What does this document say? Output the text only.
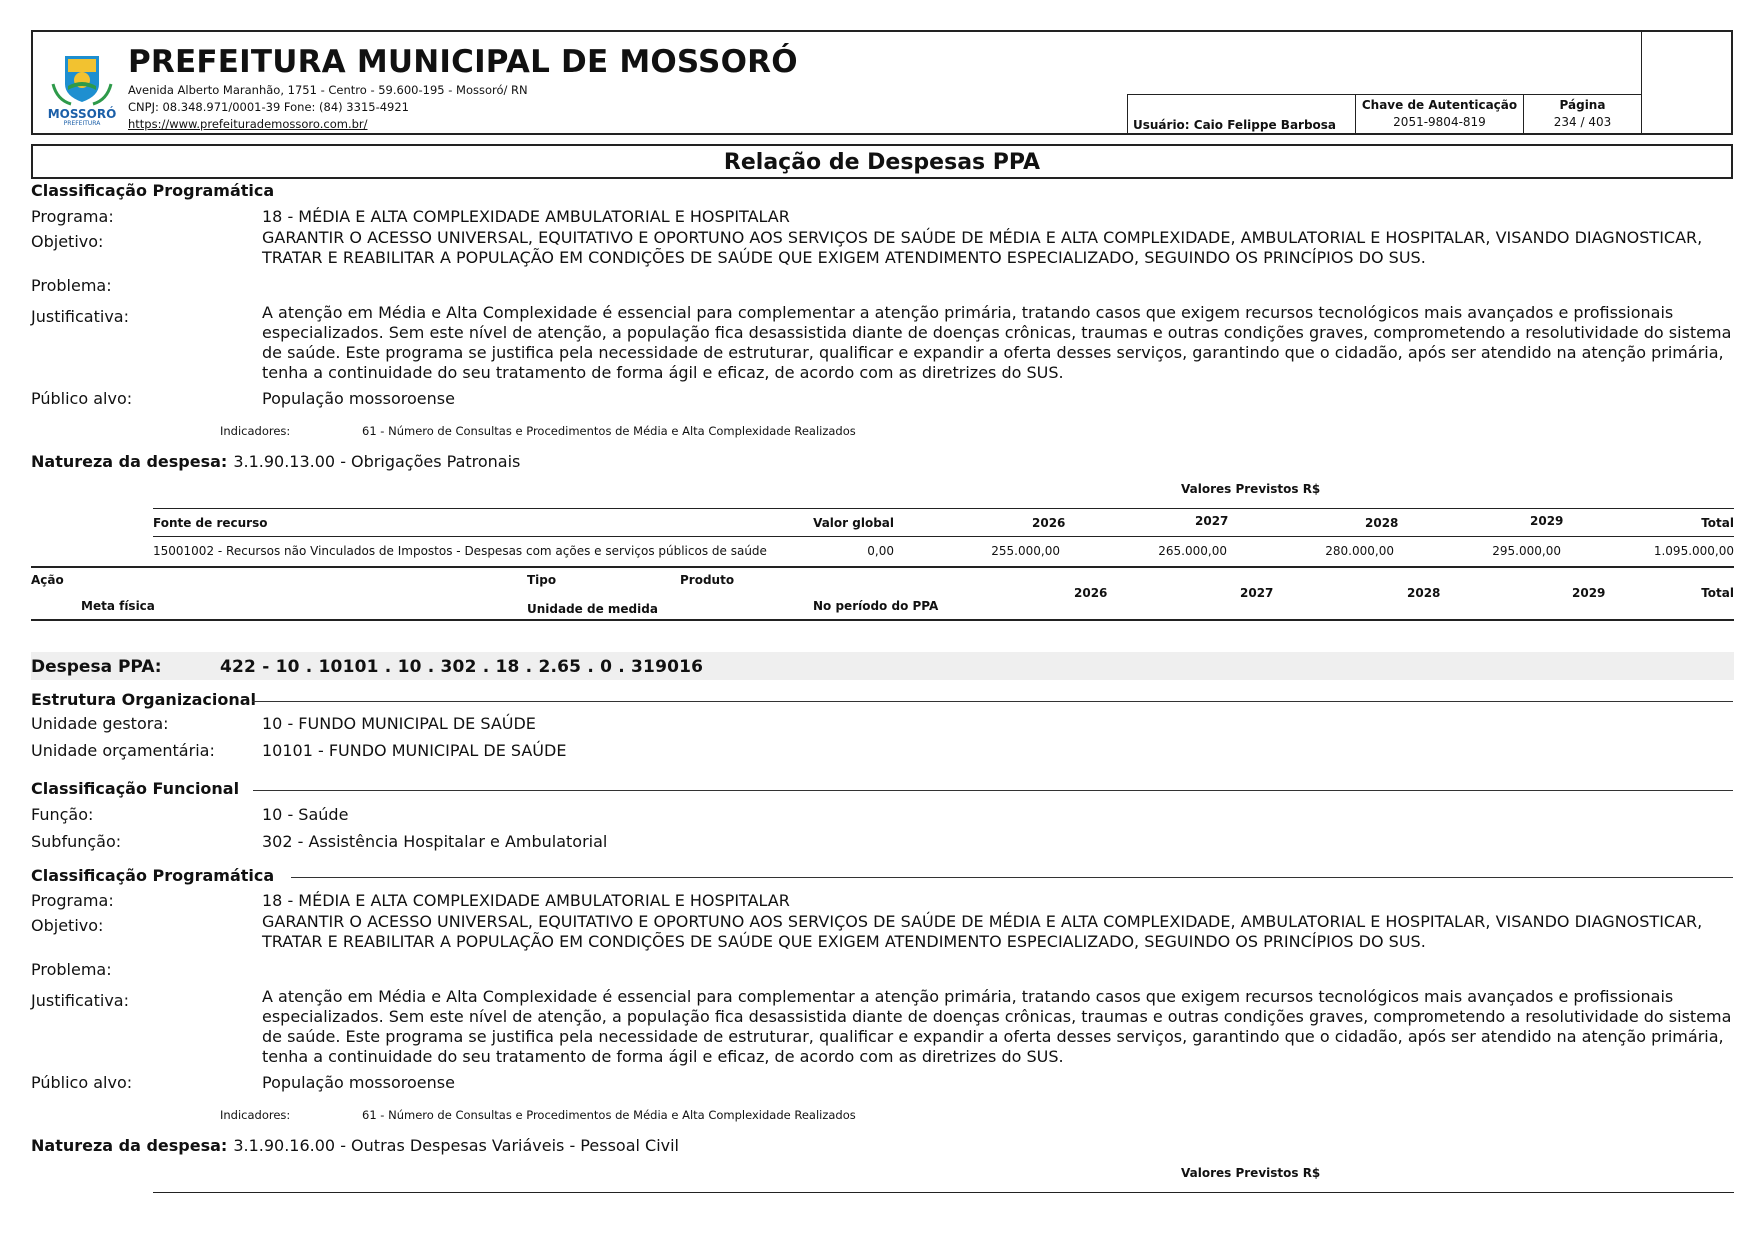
MOSSORÓ
PREFEITURA
PREFEITURA MUNICIPAL DE MOSSORÓ
Avenida Alberto Maranhão, 1751 - Centro - 59.600-195 - Mossoró/ RN
CNPJ: 08.348.971/0001-39 Fone: (84) 3315-4921
https://www.prefeiturademossoro.com.br/	Usuário: Caio Felippe Barbosa
Chave de Autenticação
2051-9804-819
Página
234 / 403
Relação de Despesas PPA
Classificação Programática
Programa:	18 - MÉDIA E ALTA COMPLEXIDADE AMBULATORIAL E HOSPITALAR
Objetivo:	GARANTIR O ACESSO UNIVERSAL, EQUITATIVO E OPORTUNO AOS SERVIÇOS DE SAÚDE DE MÉDIA E ALTA COMPLEXIDADE, AMBULATORIAL E HOSPITALAR, VISANDO DIAGNOSTICAR, TRATAR E REABILITAR A POPULAÇÃO EM CONDIÇÕES DE SAÚDE QUE EXIGEM ATENDIMENTO ESPECIALIZADO, SEGUINDO OS PRINCÍPIOS DO SUS.
Problema:
Justificativa:	A atenção em Média e Alta Complexidade é essencial para complementar a atenção primária, tratando casos que exigem recursos tecnológicos mais avançados e profissionais especializados. Sem este nível de atenção, a população fica desassistida diante de doenças crônicas, traumas e outras condições graves, comprometendo a resolutividade do sistema de saúde. Este programa se justifica pela necessidade de estruturar, qualificar e expandir a oferta desses serviços, garantindo que o cidadão, após ser atendido na atenção primária, tenha a continuidade do seu tratamento de forma ágil e eficaz, de acordo com as diretrizes do SUS.
Público alvo:	População mossoroense
Indicadores:	61 - Número de Consultas e Procedimentos de Média e Alta Complexidade Realizados
Natureza da despesa: 3.1.90.13.00 - Obrigações Patronais
Valores Previstos R$
Fonte de recurso	Valor global	2026	2027	2028	2029	Total
15001002 - Recursos não Vinculados de Impostos - Despesas com ações e serviços públicos de saúde	0,00	255.000,00	265.000,00	280.000,00	295.000,00	1.095.000,00
Ação	Tipo	Produto
2026	2027	2028	2029	Total
Meta física	Unidade de medida	No período do PPA
Despesa PPA:	422 - 10 . 10101 . 10 . 302 . 18 . 2.65 . 0 . 319016
Estrutura Organizacional
Unidade gestora:	10 - FUNDO MUNICIPAL DE SAÚDE
Unidade orçamentária:	10101 - FUNDO MUNICIPAL DE SAÚDE
Classificação Funcional
Função:	10 - Saúde
Subfunção:	302 - Assistência Hospitalar e Ambulatorial
Classificação Programática
Programa:	18 - MÉDIA E ALTA COMPLEXIDADE AMBULATORIAL E HOSPITALAR
Objetivo:	GARANTIR O ACESSO UNIVERSAL, EQUITATIVO E OPORTUNO AOS SERVIÇOS DE SAÚDE DE MÉDIA E ALTA COMPLEXIDADE, AMBULATORIAL E HOSPITALAR, VISANDO DIAGNOSTICAR, TRATAR E REABILITAR A POPULAÇÃO EM CONDIÇÕES DE SAÚDE QUE EXIGEM ATENDIMENTO ESPECIALIZADO, SEGUINDO OS PRINCÍPIOS DO SUS.
Problema:
Justificativa:	A atenção em Média e Alta Complexidade é essencial para complementar a atenção primária, tratando casos que exigem recursos tecnológicos mais avançados e profissionais especializados. Sem este nível de atenção, a população fica desassistida diante de doenças crônicas, traumas e outras condições graves, comprometendo a resolutividade do sistema de saúde. Este programa se justifica pela necessidade de estruturar, qualificar e expandir a oferta desses serviços, garantindo que o cidadão, após ser atendido na atenção primária, tenha a continuidade do seu tratamento de forma ágil e eficaz, de acordo com as diretrizes do SUS.
Público alvo:	População mossoroense
Indicadores:	61 - Número de Consultas e Procedimentos de Média e Alta Complexidade Realizados
Natureza da despesa: 3.1.90.16.00 - Outras Despesas Variáveis - Pessoal Civil
Valores Previstos R$
